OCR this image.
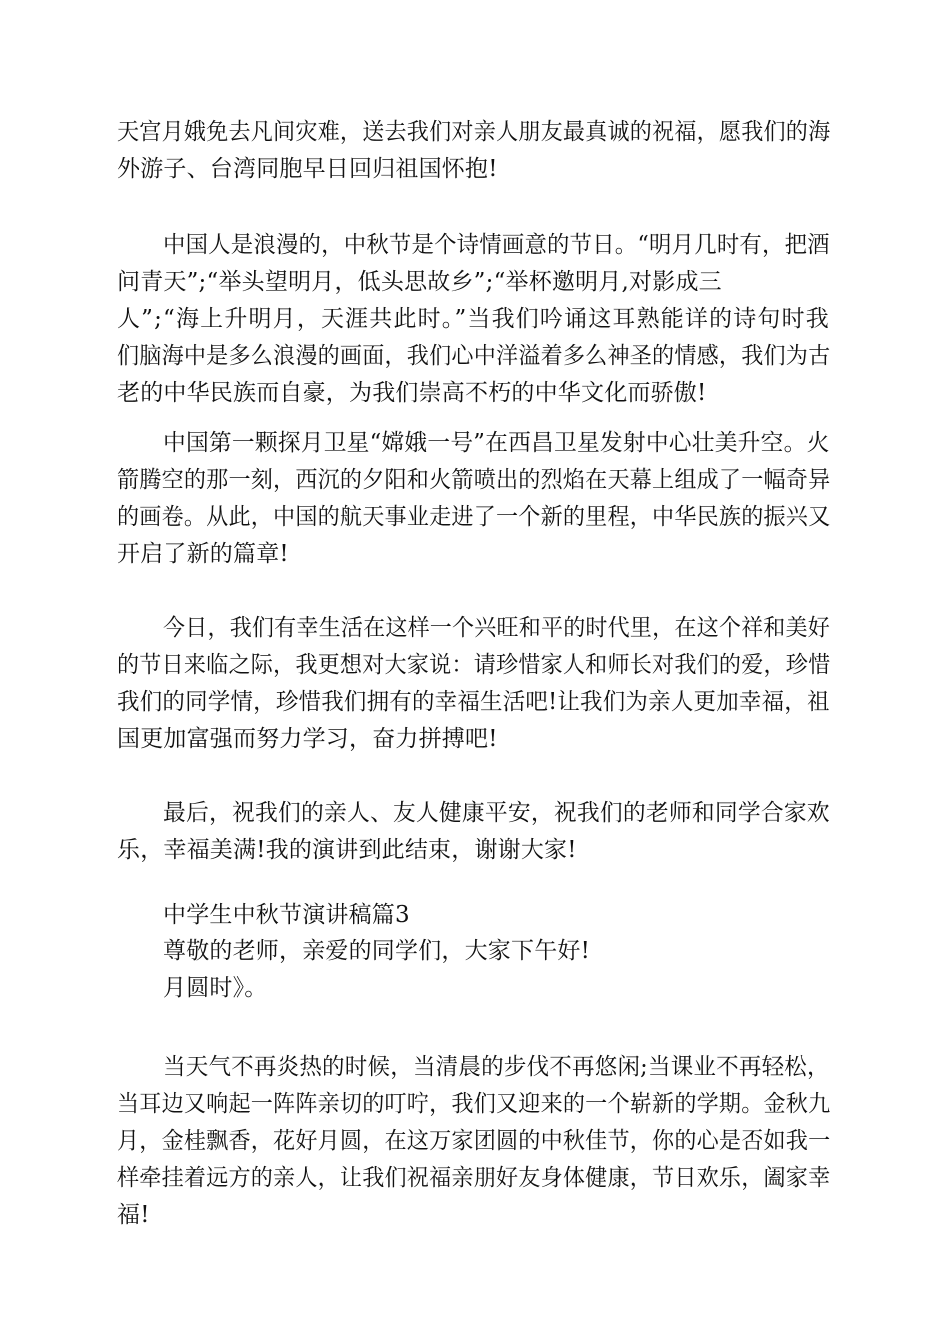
天宫月娥免去凡间灾难，送去我们对亲人朋友最真诚的祝福，愿我们的海
外游子、台湾同胞早日回归祖国怀抱!
中国人是浪漫的，中秋节是个诗情画意的节日。“明月几时有，把酒
问青天”;“举头望明月，低头思故乡”;“举杯邀明月,对影成三
人”;“海上升明月，天涯共此时。”当我们吟诵这耳熟能详的诗句时我
们脑海中是多么浪漫的画面，我们心中洋溢着多么神圣的情感，我们为古
老的中华民族而自豪，为我们崇高不朽的中华文化而骄傲!
中国第一颗探月卫星“嫦娥一号”在西昌卫星发射中心壮美升空。火
箭腾空的那一刻，西沉的夕阳和火箭喷出的烈焰在天幕上组成了一幅奇异
的画卷。从此，中国的航天事业走进了一个新的里程，中华民族的振兴又
开启了新的篇章!
今日，我们有幸生活在这样一个兴旺和平的时代里，在这个祥和美好
的节日来临之际，我更想对大家说：请珍惜家人和师长对我们的爱，珍惜
我们的同学情，珍惜我们拥有的幸福生活吧!让我们为亲人更加幸福，祖
国更加富强而努力学习，奋力拼搏吧!
最后，祝我们的亲人、友人健康平安，祝我们的老师和同学合家欢
乐，幸福美满!我的演讲到此结束，谢谢大家!
中学生中秋节演讲稿篇3
尊敬的老师，亲爱的同学们，大家下午好!
月圆时》。
当天气不再炎热的时候，当清晨的步伐不再悠闲;当课业不再轻松，
当耳边又响起一阵阵亲切的叮咛，我们又迎来的一个崭新的学期。金秋九
月，金桂飘香，花好月圆，在这万家团圆的中秋佳节，你的心是否如我一
样牵挂着远方的亲人，让我们祝福亲朋好友身体健康，节日欢乐，阖家幸
福!
